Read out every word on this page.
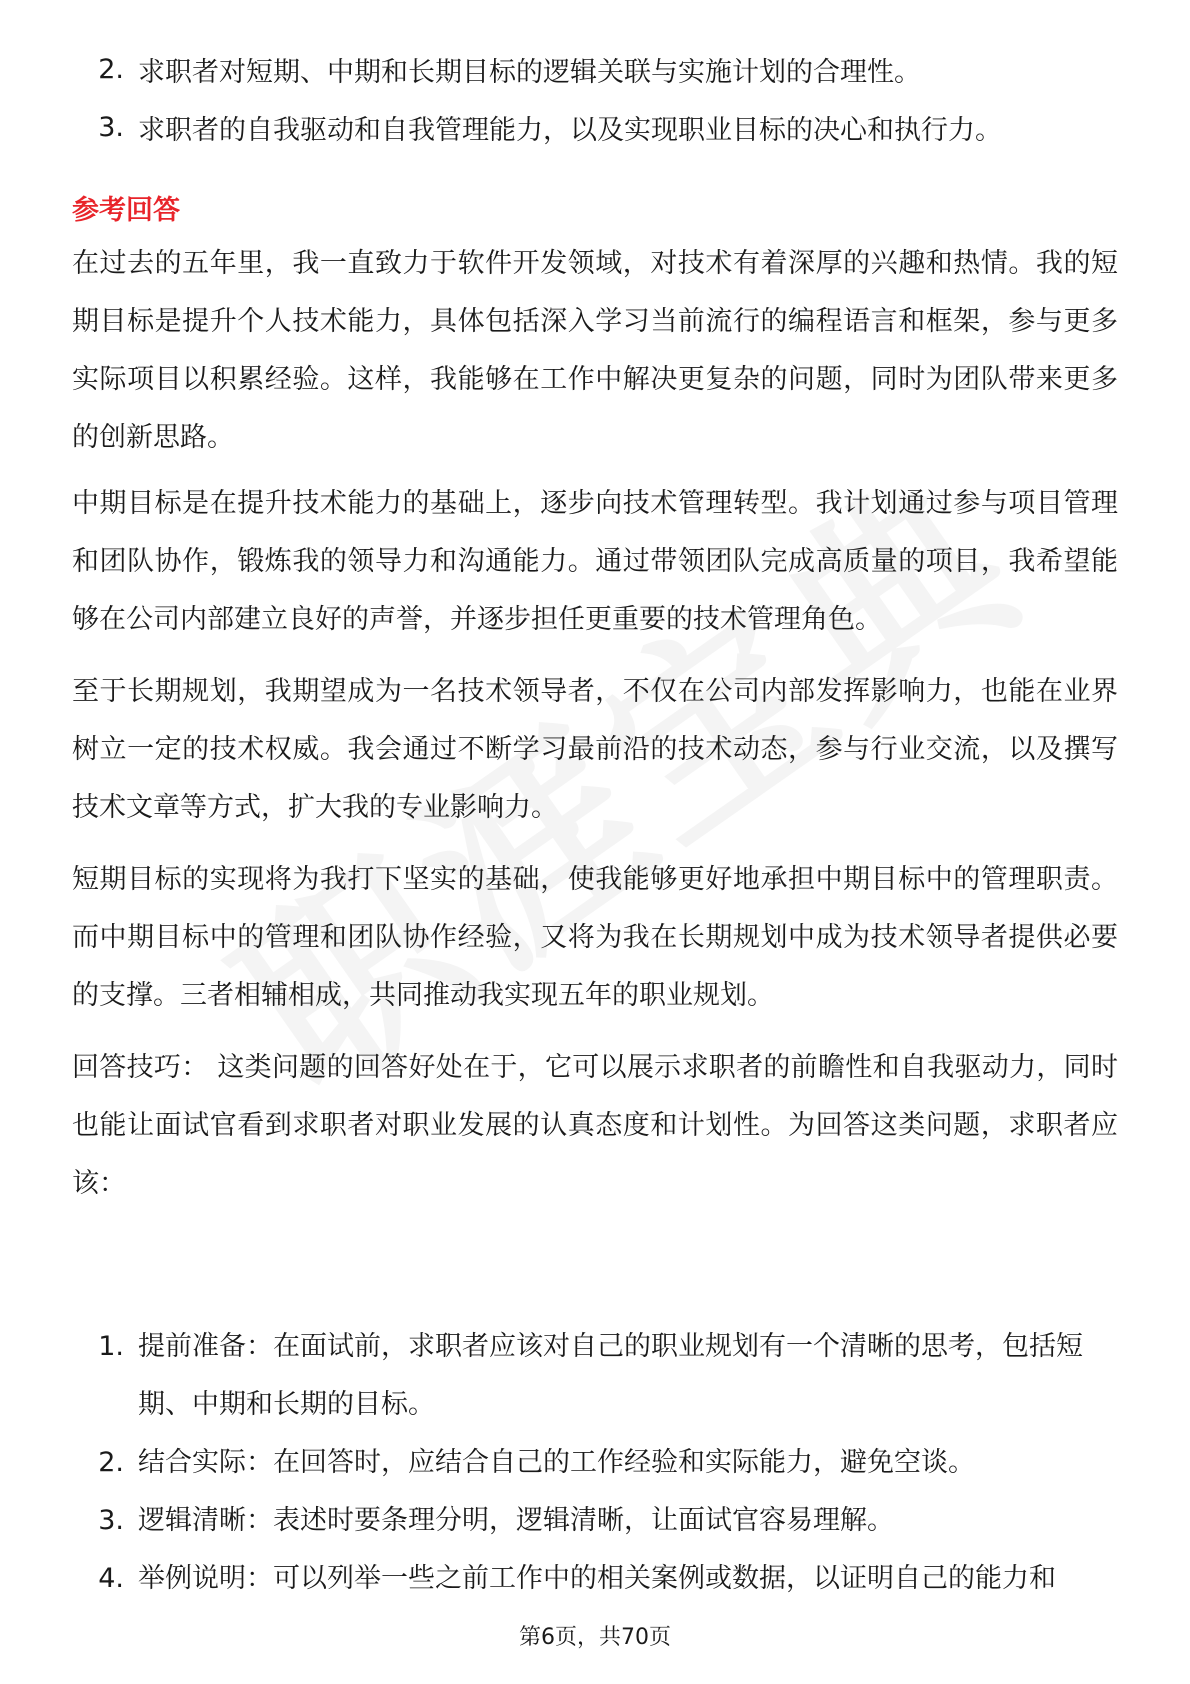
2. 求职者对短期、中期和长期目标的逻辑关联与实施计划的合理性。
3. 求职者的自我驱动和自我管理能力，以及实现职业目标的决心和执行力。
参考回答
在过去的五年里，我一直致力于软件开发领域，对技术有着深厚的兴趣和热情。我的短期目标是提升个人技术能力，具体包括深入学习当前流行的编程语言和框架，参与更多实际项目以积累经验。这样，我能够在工作中解决更复杂的问题，同时为团队带来更多的创新思路。
中期目标是在提升技术能力的基础上，逐步向技术管理转型。我计划通过参与项目管理和团队协作，锻炼我的领导力和沟通能力。通过带领团队完成高质量的项目，我希望能够在公司内部建立良好的声誉，并逐步担任更重要的技术管理角色。
至于长期规划，我期望成为一名技术领导者，不仅在公司内部发挥影响力，也能在业界树立一定的技术权威。我会通过不断学习最前沿的技术动态，参与行业交流，以及撰写技术文章等方式，扩大我的专业影响力。
短期目标的实现将为我打下坚实的基础，使我能够更好地承担中期目标中的管理职责。而中期目标中的管理和团队协作经验，又将为我在长期规划中成为技术领导者提供必要的支撑。三者相辅相成，共同推动我实现五年的职业规划。
回答技巧： 这类问题的回答好处在于，它可以展示求职者的前瞻性和自我驱动力，同时也能让面试官看到求职者对职业发展的认真态度和计划性。为回答这类问题，求职者应该：
1. 提前准备：在面试前，求职者应该对自己的职业规划有一个清晰的思考，包括短期、中期和长期的目标。
2. 结合实际：在回答时，应结合自己的工作经验和实际能力，避免空谈。
3. 逻辑清晰：表述时要条理分明，逻辑清晰，让面试官容易理解。
4. 举例说明：可以列举一些之前工作中的相关案例或数据，以证明自己的能力和
第6页，共70页
